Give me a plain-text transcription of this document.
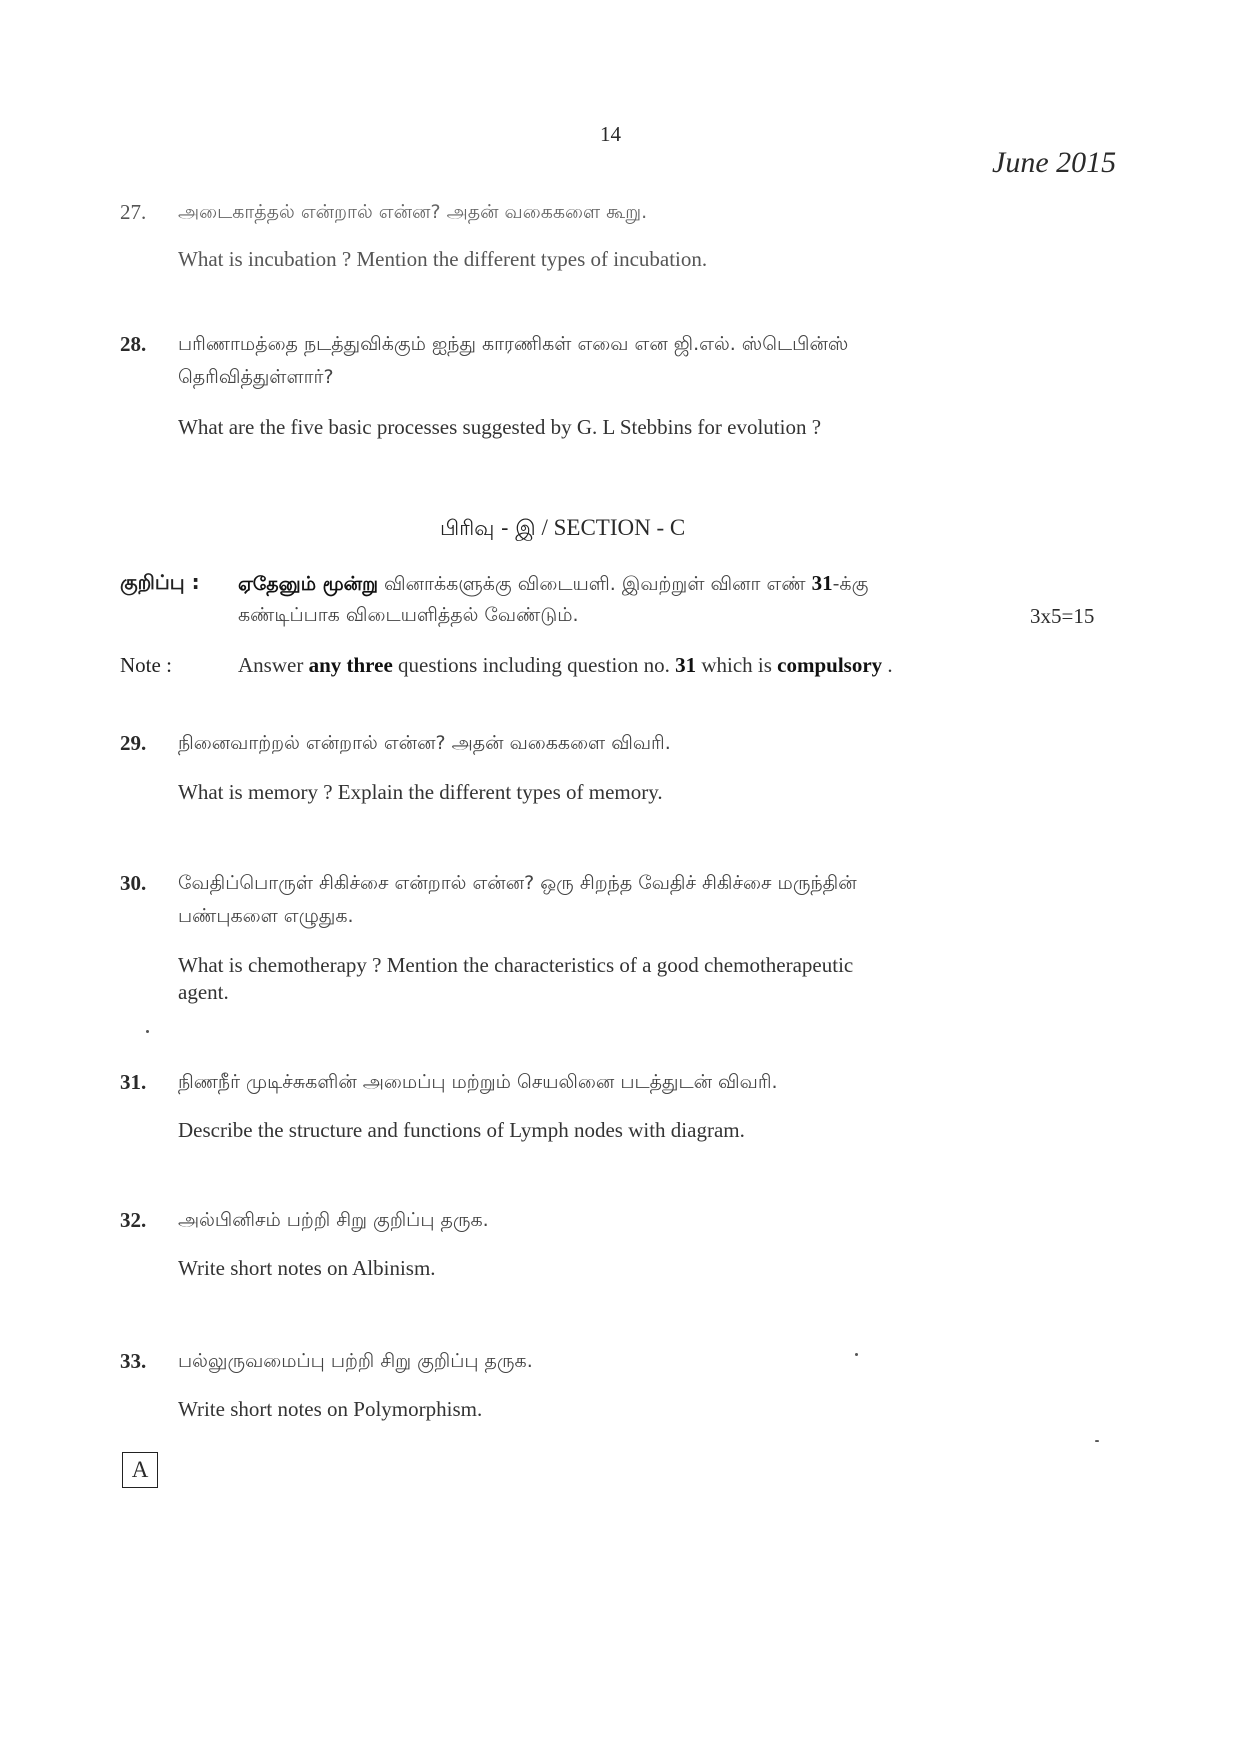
14
June 2015
27. அடைகாத்தல் என்றால் என்ன? அதன் வகைகளை கூறு.
What is incubation ? Mention the different types of incubation.
28. பரிணாமத்தை நடத்துவிக்கும் ஐந்து காரணிகள் எவை என ஜி.எல். ஸ்டெபின்ஸ்
தெரிவித்துள்ளார்?
What are the five basic processes suggested by G. L Stebbins for evolution ?
பிரிவு - இ / SECTION - C
குறிப்பு : ஏதேனும் மூன்று வினாக்களுக்கு விடையளி. இவற்றுள் வினா எண் 31-க்கு
கண்டிப்பாக விடையளித்தல் வேண்டும்.	3x5=15
Note :	Answer any three questions including question no. 31 which is compulsory .
29. நினைவாற்றல் என்றால் என்ன? அதன் வகைகளை விவரி.
What is memory ? Explain the different types of memory.
30. வேதிப்பொருள் சிகிச்சை என்றால் என்ன? ஒரு சிறந்த வேதிச் சிகிச்சை மருந்தின்
பண்புகளை எழுதுக.
What is chemotherapy ? Mention the characteristics of a good chemotherapeutic
agent.
31. நிணநீர் முடிச்சுகளின் அமைப்பு மற்றும் செயலினை படத்துடன் விவரி.
Describe the structure and functions of Lymph nodes with diagram.
32. அல்பினிசம் பற்றி சிறு குறிப்பு தருக.
Write short notes on Albinism.
33. பல்லுருவமைப்பு பற்றி சிறு குறிப்பு தருக.
Write short notes on Polymorphism.
A
